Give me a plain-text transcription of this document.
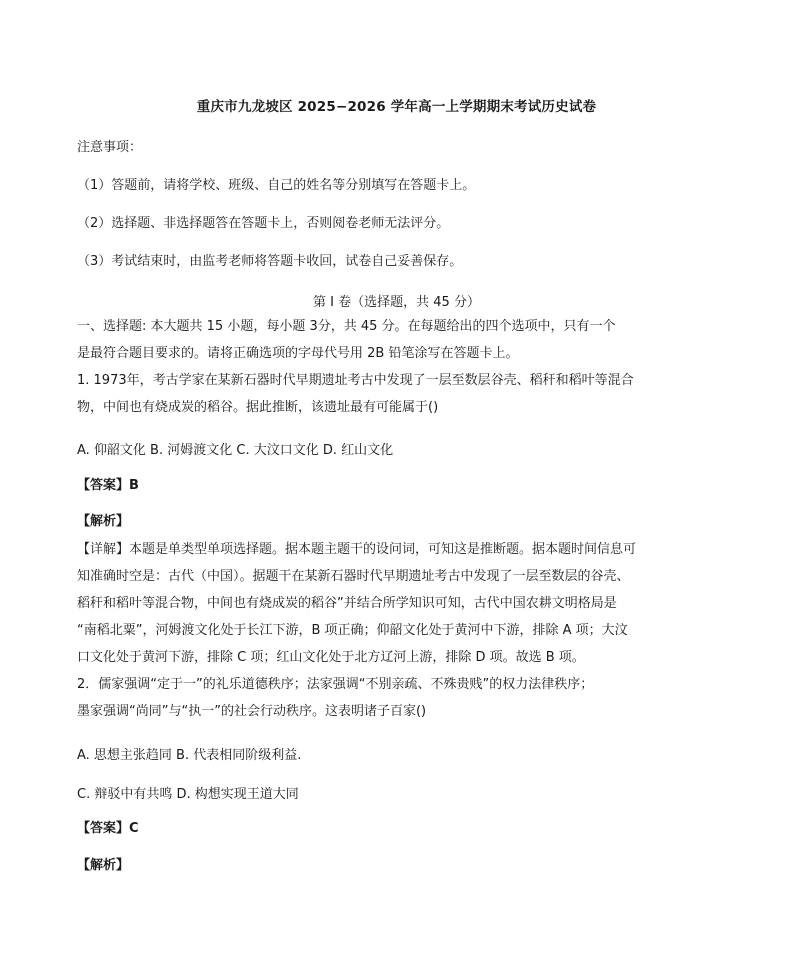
重庆市九龙坡区 2025−2026 学年高一上学期期末考试历史试卷
注意事项：
（1）答题前，请将学校、班级、自己的姓名等分别填写在答题卡上。
（2）选择题、非选择题答在答题卡上，否则阅卷老师无法评分。
（3）考试结束时，由监考老师将答题卡收回，试卷自己妥善保存。
第 Ⅰ 卷（选择题，共 45 分）
一、选择题: 本大题共 15 小题，每小题 3分，共 45 分。在每题给出的四个选项中，只有一个
是最符合题目要求的。请将正确选项的字母代号用 2B 铅笔涂写在答题卡上。
1. 1973年，考古学家在某新石器时代早期遗址考古中发现了一层至数层谷壳、稻秆和稻叶等混合
物，中间也有烧成炭的稻谷。据此推断，该遗址最有可能属于()
A. 仰韶文化 B. 河姆渡文化 C. 大汶口文化 D. 红山文化
【答案】B
【解析】
【详解】本题是单类型单项选择题。据本题主题干的设问词，可知这是推断题。据本题时间信息可
知准确时空是：古代（中国）。据题干在某新石器时代早期遗址考古中发现了一层至数层的谷壳、
稻秆和稻叶等混合物，中间也有烧成炭的稻谷”并结合所学知识可知，古代中国农耕文明格局是
“南稻北粟”，河姆渡文化处于长江下游，B 项正确；仰韶文化处于黄河中下游，排除 A 项；大汶
口文化处于黄河下游，排除 C 项；红山文化处于北方辽河上游，排除 D 项。故选 B 项。
2．儒家强调“定于一”的礼乐道德秩序；法家强调“不别亲疏、不殊贵贱”的权力法律秩序；
墨家强调“尚同”与“执一”的社会行动秩序。这表明诸子百家()
A. 思想主张趋同 B. 代表相同阶级利益.
C. 辩驳中有共鸣 D. 构想实现王道大同
【答案】C
【解析】
